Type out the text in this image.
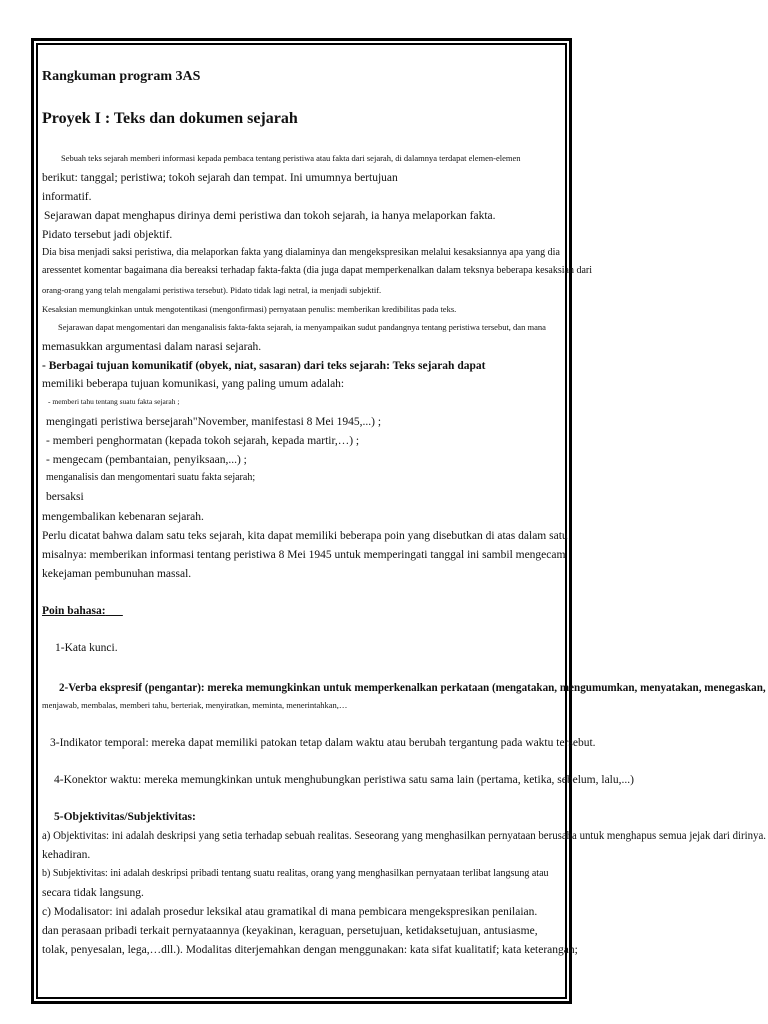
Rangkuman program 3AS
Proyek I : Teks dan dokumen sejarah
Sebuah teks sejarah memberi informasi kepada pembaca tentang peristiwa atau fakta dari sejarah, di dalamnya terdapat elemen-elemen
berikut: tanggal; peristiwa; tokoh sejarah dan tempat. Ini umumnya bertujuan
informatif.
Sejarawan dapat menghapus dirinya demi peristiwa dan tokoh sejarah, ia hanya melaporkan fakta.
Pidato tersebut jadi objektif.
Dia bisa menjadi saksi peristiwa, dia melaporkan fakta yang dialaminya dan mengekspresikan melalui kesaksiannya apa yang dia
aressentet komentar bagaimana dia bereaksi terhadap fakta-fakta (dia juga dapat memperkenalkan dalam teksnya beberapa kesaksian dari
orang-orang yang telah mengalami peristiwa tersebut). Pidato tidak lagi netral, ia menjadi subjektif.
Kesaksian memungkinkan untuk mengotentikasi (mengonfirmasi) pernyataan penulis: memberikan kredibilitas pada teks.
Sejarawan dapat mengomentari dan menganalisis fakta-fakta sejarah, ia menyampaikan sudut pandangnya tentang peristiwa tersebut, dan mana
memasukkan argumentasi dalam narasi sejarah.
- Berbagai tujuan komunikatif (obyek, niat, sasaran) dari teks sejarah: Teks sejarah dapat
memiliki beberapa tujuan komunikasi, yang paling umum adalah:
- memberi tahu tentang suatu fakta sejarah ;
mengingati peristiwa bersejarah"November, manifestasi 8 Mei 1945,...) ;
- memberi penghormatan (kepada tokoh sejarah, kepada martir,…) ;
- mengecam (pembantaian, penyiksaan,...) ;
menganalisis dan mengomentari suatu fakta sejarah;
bersaksi
mengembalikan kebenaran sejarah.
Perlu dicatat bahwa dalam satu teks sejarah, kita dapat memiliki beberapa poin yang disebutkan di atas dalam satu
misalnya: memberikan informasi tentang peristiwa 8 Mei 1945 untuk memperingati tanggal ini sambil mengecam
kekejaman pembunuhan massal.
Poin bahasa:
1-Kata kunci.
2-Verba ekspresif (pengantar): mereka memungkinkan untuk memperkenalkan perkataan (mengatakan, mengumumkan, menyatakan, menegaskan,
menjawab, membalas, memberi tahu, berteriak, menyiratkan, meminta, menerintahkan,…
3-Indikator temporal: mereka dapat memiliki patokan tetap dalam waktu atau berubah tergantung pada waktu tersebut.
4-Konektor waktu: mereka memungkinkan untuk menghubungkan peristiwa satu sama lain (pertama, ketika, sebelum, lalu,...)
5-Objektivitas/Subjektivitas:
a) Objektivitas: ini adalah deskripsi yang setia terhadap sebuah realitas. Seseorang yang menghasilkan pernyataan berusaha untuk menghapus semua jejak dari dirinya.
kehadiran.
b) Subjektivitas: ini adalah deskripsi pribadi tentang suatu realitas, orang yang menghasilkan pernyataan terlibat langsung atau
secara tidak langsung.
c) Modalisator: ini adalah prosedur leksikal atau gramatikal di mana pembicara mengekspresikan penilaian.
dan perasaan pribadi terkait pernyataannya (keyakinan, keraguan, persetujuan, ketidaksetujuan, antusiasme,
tolak, penyesalan, lega,…dll.). Modalitas diterjemahkan dengan menggunakan: kata sifat kualitatif; kata keterangan;
